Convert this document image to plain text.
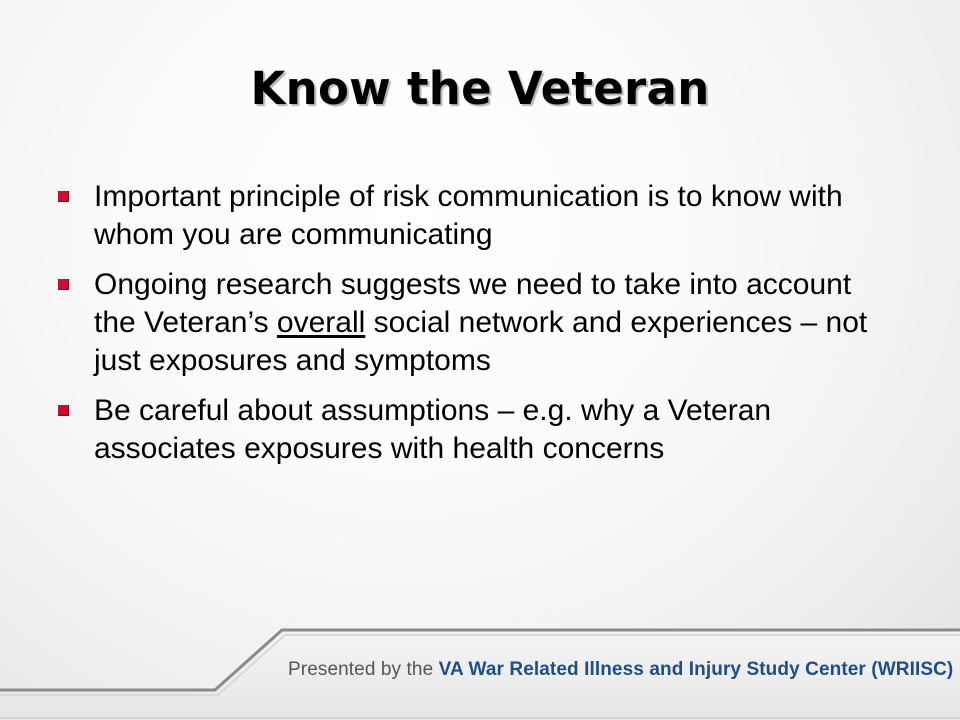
Know the Veteran
Important principle of risk communication is to know with whom you are communicating
Ongoing research suggests we need to take into account the Veteran’s overall social network and experiences – not just exposures and symptoms
Be careful about assumptions – e.g. why a Veteran associates exposures with health concerns
Presented by the VA War Related Illness and Injury Study Center (WRIISC)
